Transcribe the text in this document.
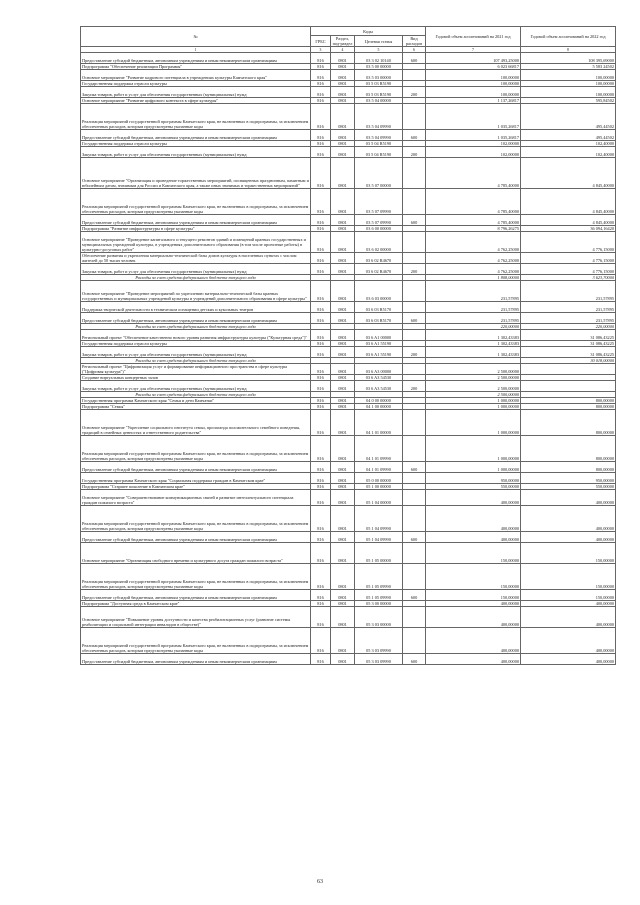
№	Коды				Годовой объем ассигнований на 2021 год	Годовой объем ассигнований на 2022 год
	ГРБС	Раздел, под-раздел	Целевая статья	Вид расходов		
1	3	4	5	6	7	8
Предоставление субсидий бюджетным, автономным учреждениям и иным некоммерческим организациям	816	0801	03 3 02 10140	600	107 493,25000	108 395,69000
Подпрограмма "Обеспечение реализации Программы"	816	0801	03 5 00 00000		6 023 66817	5 583 24502
Основное мероприятие "Развитие кадрового потенциала в учреждениях культуры Камчатского края"	816	0801	03 5 03 00000		100,00000	100,00000
Государственная поддержка отрасли культуры	816	0801	03 5 03 R5190		100,00000	100,00000
Закупка товаров, работ и услуг для обеспечения государственных (муниципальных) нужд	816	0801	03 5 03 R5190	200	100,00000	100,00000
Основное мероприятие "Развитие цифрового контекста в сфере культуры"	816	0801	03 5 04 00000		1 137,26817	595,84502
Реализация мероприятий государственной программы Камчатского края, не включенных в подпрограммы, за исключением обеспеченных расходов, которым предусмотрены указанные коды	816	0801	03 5 04 09990		1 035,26817	495,44502
Предоставление субсидий бюджетным, автономным учреждениям и иным некоммерческим организациям	816	0801	03 5 04 09990	600	1 035,26817	495,44502
Государственная поддержка отрасли культуры	816	0801	03 5 04 R5190		102,00000	102,40000
Закупка товаров, работ и услуг для обеспечения государственных (муниципальных) нужд	816	0801	03 5 04 R5190	200	102,00000	102,40000
Основное мероприятие "Организация и проведение торжественных мероприятий, посвященных праздничным, памятным и юбилейным датам, значимым для России и Камчатского края, а также иных значимых и торжественных мероприятий"	816	0801	03 5 07 00000		4 785,40000	4 845,40000
Реализация мероприятий государственной программы Камчатского края, не включенных в подпрограммы, за исключением обеспеченных расходов, которым предусмотрены указанные коды	816	0801	03 5 07 09990		4 785,40000	4 845,40000
Предоставление субсидий бюджетным, автономным учреждениям и иным некоммерческим организациям	816	0801	03 5 07 09990	600	4 785,40000	4 845,40000
Подпрограмма "Развитие инфраструктуры в сфере культуры"	816	0801	03 6 00 00000		8 796,26275	36 094,16420
Основное мероприятие "Проведение капитального и текущего ремонтов зданий и помещений краевых государственных и муниципальных учреждений культуры, в учреждениях дополнительного образования (в том числе проектные работы) в культурно-досуговых работ"	816	0801	03 6 02 00000		4 762,25000	4 776,15000
Обеспечение развития и укрепления материально-технической базы домов культуры в населенных пунктах с числом жителей до 50 тысяч человек	816	0801	03 6 02 R4670		4 762,25000	4 776,15000
Закупка товаров, работ и услуг для обеспечения государственных (муниципальных) нужд	816	0801	03 6 02 R4670	200	4 762,25000	4 776,15000
Расходы за счет средств федерального бюджета текущего года					1 808,00000	3 623,70000
Основное мероприятие "Проведение мероприятий по укреплению материально-технической базы краевых государственных и муниципальных учреждений культуры и учреждений дополнительного образования в сфере культуры"	816	0801	03 6 03 00000		231,57895	231,57895
Поддержка творческой деятельности в техническом оснащении детских и кукольных театров	816	0801	03 6 03 R5170		231,57895	231,57895
Предоставление субсидий бюджетным, автономным учреждениям и иным некоммерческим организациям	816	0801	03 6 03 R5170	600	231,57895	231,57895
Расходы за счет средств федерального бюджета текущего года					220,00000	220,00000
Региональный проект "Обеспечение качественно нового уровня развития инфраструктуры культуры ("Культурная среда")"	816	0801	03 6 A1 00000		1 302,43383	31 086,43225
Государственная поддержка отрасли культуры	816	0801	03 6 A1 55190		1 302,43383	31 086,43225
Закупка товаров, работ и услуг для обеспечения государственных (муниципальных) нужд	816	0801	03 6 A1 55190	200	1 302,43383	31 086,43225
Расходы за счет средств федерального бюджета текущего года						30 018,00000
Региональный проект "Цифровизация услуг и формирование информационного пространства в сфере культуры ("Цифровая культура")"	816	0801	03 6 A3 00000		2 500,00000	
Создание виртуальных концертных залов	816	0801	03 6 A3 54530		2 500,00000	
Закупка товаров, работ и услуг для обеспечения государственных (муниципальных) нужд	816	0801	03 6 A3 54530	200	2 500,00000	
Расходы за счет средств федерального бюджета текущего года					2 500,00000	
Государственная программа Камчатского края "Семья и дети Камчатки"	816	0801	04 0 00 00000		1 000,00000	800,00000
Подпрограмма "Семья"	816	0801	04 1 00 00000		1 000,00000	800,00000
Основное мероприятие "Укрепление социального института семьи, пропаганда положительного семейного поведения, традиций в семейных ценностях и ответственного родительства"	816	0801	04 1 01 00000		1 000,00000	800,00000
Реализация мероприятий государственной программы Камчатского края, не включенных в подпрограммы, за исключением обеспеченных расходов, которым предусмотрены указанные коды	816	0801	04 1 01 09990		1 000,00000	800,00000
Предоставление субсидий бюджетным, автономным учреждениям и иным некоммерческим организациям	816	0801	04 1 01 09990	600	1 000,00000	800,00000
Государственная программа Камчатского края "Социальная поддержка граждан в Камчатском крае"	816	0801	05 0 00 00000		950,00000	950,00000
Подпрограмма "Старшее поколение в Камчатском крае"	816	0801	05 1 00 00000		550,00000	550,00000
Основное мероприятие "Совершенствование коммуникационных связей и развитие интеллектуального потенциала граждан пожилого возраста"	816	0801	05 1 04 00000		400,00000	400,00000
Реализация мероприятий государственной программы Камчатского края, не включенных в подпрограммы, за исключением обеспеченных расходов, которым предусмотрены указанные коды	816	0801	05 1 04 09990		400,00000	400,00000
Предоставление субсидий бюджетным, автономным учреждениям и иным некоммерческим организациям	816	0801	05 1 04 09990	600	400,00000	400,00000
Основное мероприятие "Организация свободного времени и культурного досуга граждан пожилого возраста"	816	0801	05 1 05 00000		150,00000	150,00000
Реализация мероприятий государственной программы Камчатского края, не включенных в подпрограммы, за исключением обеспеченных расходов, которым предусмотрены указанные коды	816	0801	05 1 05 09990		150,00000	150,00000
Предоставление субсидий бюджетным, автономным учреждениям и иным некоммерческим организациям	816	0801	05 1 05 09990	600	150,00000	150,00000
Подпрограмма "Доступная среда в Камчатском крае"	816	0801	05 3 00 00000		400,00000	400,00000
Основное мероприятие "Повышение уровня доступности и качества реабилитационных услуг (развитие системы реабилитации и социальной интеграции инвалидов в обществе)"	816	0801	05 3 03 00000		400,00000	400,00000
Реализация мероприятий государственной программы Камчатского края, не включенных в подпрограммы, за исключением обеспеченных расходов, которым предусмотрены указанные коды	816	0801	05 3 03 09990		400,00000	400,00000
Предоставление субсидий бюджетным, автономным учреждениям и иным некоммерческим организациям	816	0801	05 3 03 09990	600	400,00000	400,00000
63
